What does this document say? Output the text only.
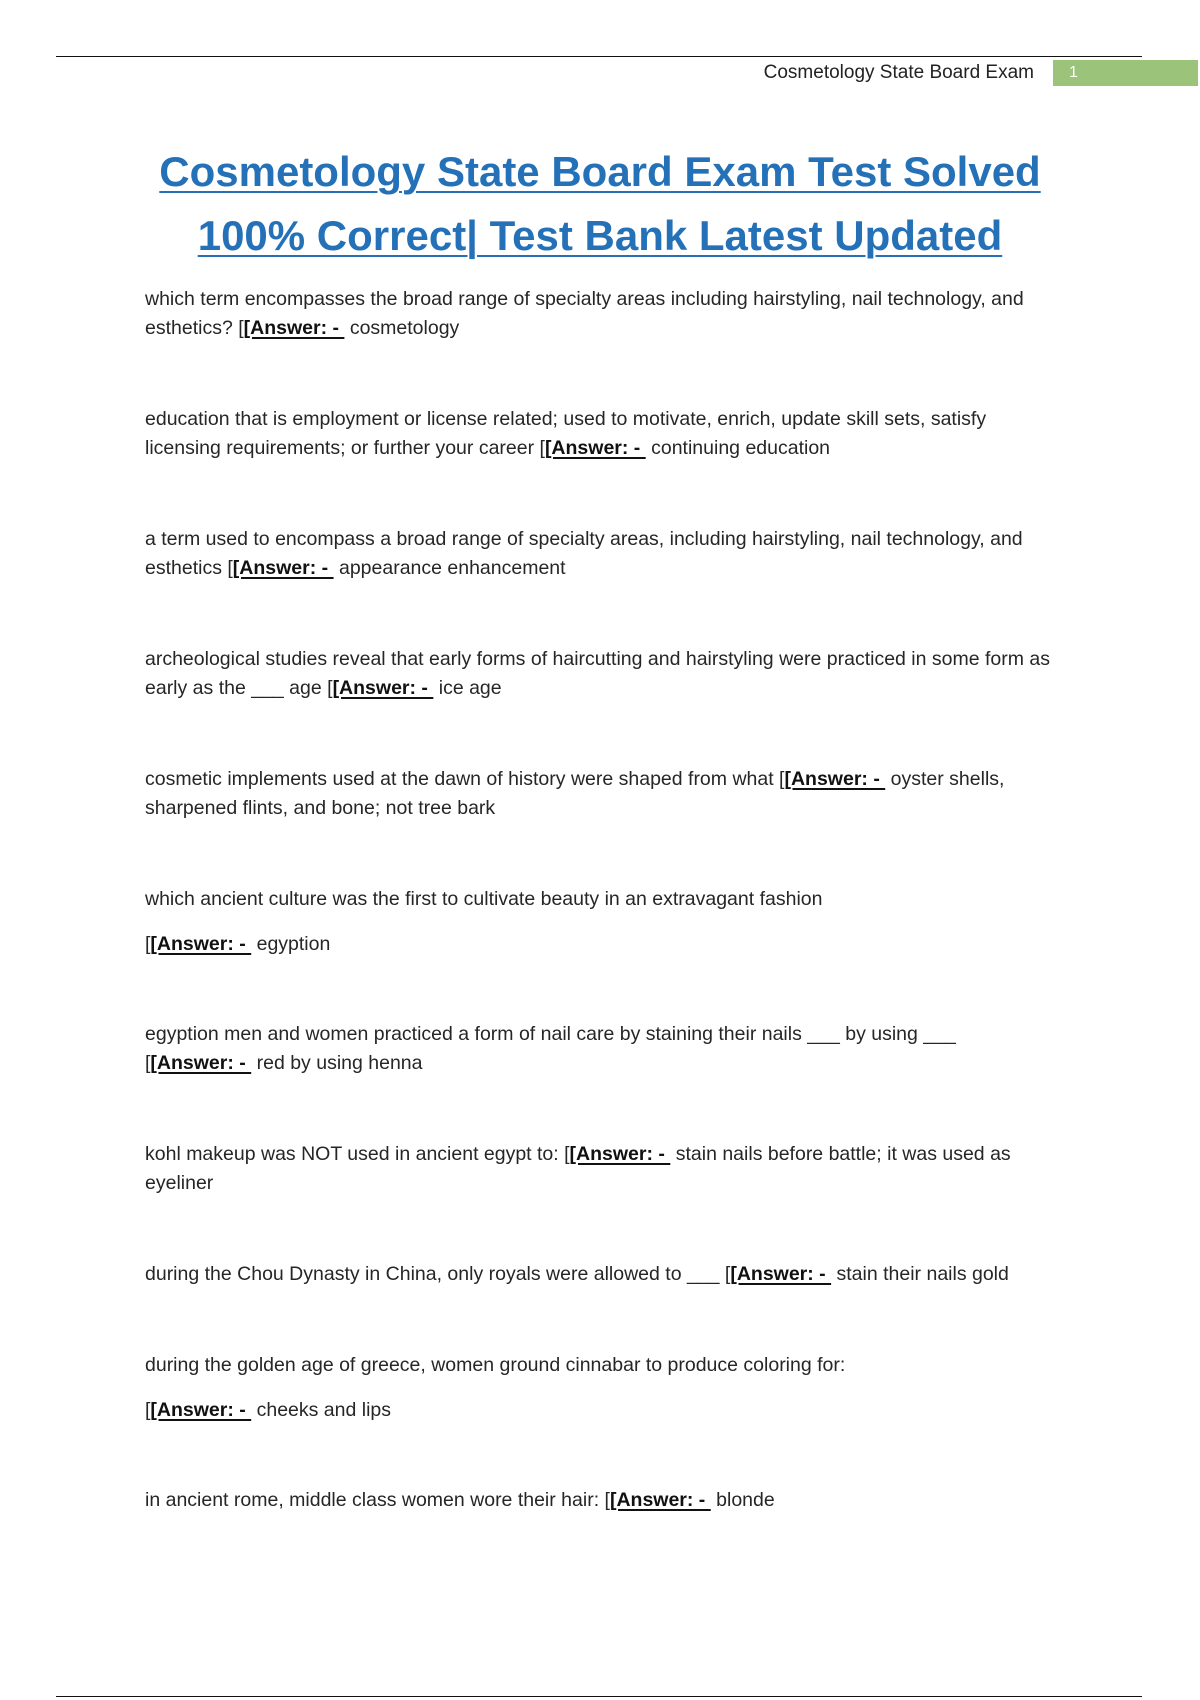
Cosmetology State Board Exam	1
Cosmetology State Board Exam Test Solved
100% Correct| Test Bank Latest Updated

which term encompasses the broad range of specialty areas including hairstyling, nail technology, and esthetics? [[Answer: -  cosmetology

education that is employment or license related; used to motivate, enrich, update skill sets, satisfy licensing requirements; or further your career [[Answer: -  continuing education

a term used to encompass a broad range of specialty areas, including hairstyling, nail technology, and esthetics [[Answer: -  appearance enhancement

archeological studies reveal that early forms of haircutting and hairstyling were practiced in some form as early as the ___ age [[Answer: -  ice age

cosmetic implements used at the dawn of history were shaped from what [[Answer: -  oyster shells, sharpened flints, and bone; not tree bark

which ancient culture was the first to cultivate beauty in an extravagant fashion

[[Answer: -  egyption

egyption men and women practiced a form of nail care by staining their nails ___ by using ___ [[Answer: -  red by using henna

kohl makeup was NOT used in ancient egypt to: [[Answer: -  stain nails before battle; it was used as eyeliner

during the Chou Dynasty in China, only royals were allowed to ___ [[Answer: -  stain their nails gold

during the golden age of greece, women ground cinnabar to produce coloring for:

[[Answer: -  cheeks and lips

in ancient rome, middle class women wore their hair: [[Answer: -  blonde
